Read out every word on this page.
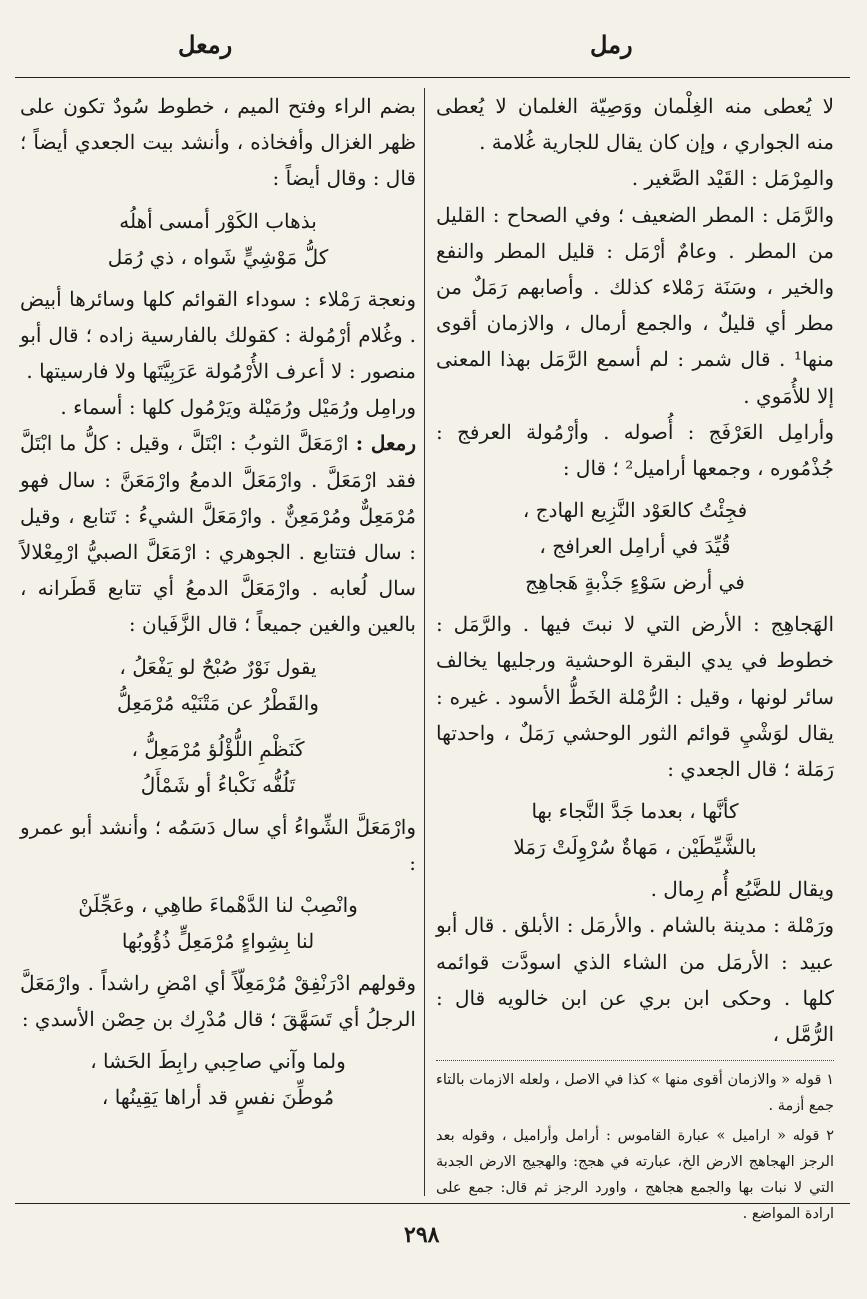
رمل
رمعل

لا يُعطى منه الغِلْمان ووَصِيّة الغلمان لا يُعطى منه الجواري ، وإن كان يقال للجارية غُلامة .

والمِرْمَل : القَيْد الصَّغير .

والرَّمَل : المطر الضعيف ؛ وفي الصحاح : القليل من المطر . وعامٌ أرْمَل : قليل المطر والنفع والخير ، وسَنَة رَمْلاء كذلك . وأصابهم رَمَلٌ من مطر أي قليلٌ ، والجمع أرمال ، والازمان أقوى منها¹ . قال شمر : لم أسمع الرَّمَل بهذا المعنى إلا للأُمَوي .

وأرامِل العَرْفَج : أُصوله . وأرْمُولة العرفج : جُذْمُوره ، وجمعها أراميل² ؛ قال :

فجِئْتُ كالعَوْد النَّزِيع الهادج ،
قُيِّدَ في أرامِل العرافج ،
في أرض سَوْءٍ جَذْبةٍ هَجاهِج

الهَجاهِج : الأرض التي لا نبتَ فيها . والرَّمَل : خطوط في يدي البقرة الوحشية ورجليها يخالف سائر لونها ، وقيل : الرُّمْلة الخَطُّ الأسود . غيره : يقال لوَشْيِ قوائم الثور الوحشي رَمَلٌ ، واحدتها رَمَلة ؛ قال الجعدي :

كأنَّها ، بعدما جَدَّ النَّجاء بها
بالشَّيِّطَيْن ، مَهاةٌ سُرْوِلَتْ رَمَلا

ويقال للضَّبُع أُم رِمال .

ورَمْلة : مدينة بالشام . والأرمَل : الأبلق . قال أبو عبيد : الأرمَل من الشاء الذي اسودَّت قوائمه كلها . وحكى ابن بري عن ابن خالويه قال : الرُّمَّل ،

١ قوله « والازمان أقوى منها » كذا في الاصل ، ولعله الازمات بالتاء جمع أزمة .

٢ قوله « اراميل » عبارة القاموس : أرامل وأراميل ، وقوله بعد الرجز الهجاهج الارض الخ، عبارته في هجج: والهجيج الارض الجدبة التي لا نبات بها والجمع هجاهج ، واورد الرجز ثم قال: جمع على ارادة المواضع .

بضم الراء وفتح الميم ، خطوط سُودٌ تكون على ظهر الغزال وأفخاذه ، وأنشد بيت الجعدي أيضاً ؛ قال : وقال أيضاً :

بذهاب الكَوْر أمسى أهلُه
كلُّ مَوْشِيٍّ شَواه ، ذي رُمَل

ونعجة رَمْلاء : سوداء القوائم كلها وسائرها أبيض . وغُلام أرْمُولة : كقولك بالفارسية زاده ؛ قال أبو منصور : لا أعرف الأُرْمُولة عَرَبِيَّتَها ولا فارسيتها .

ورامِل ورُمَيْل ورُمَيْلة ويَرْمُول كلها : أسماء .

رمعل : ارْمَعَلَّ الثوبُ : ابْتَلَّ ، وقيل : كلُّ ما ابْتَلَّ فقد ارْمَعَلَّ . وارْمَعَلَّ الدمعُ وارْمَعَنَّ : سال فهو مُرْمَعِلٌّ ومُرْمَعِنٌّ . وارْمَعَلَّ الشيءُ : تَتابع ، وقيل : سال فتتابع . الجوهري : ارْمَعَلَّ الصبيُّ ارْمِعْلالاً سال لُعابه . وارْمَعَلَّ الدمعُ أي تتابع قَطَرانه ، بالعين والغين جميعاً ؛ قال الزَّفَيان :

يقول نَوْرٌ صُبْحٌ لو يَفْعَلُ ،
والقَطْرُ عن مَتْنَيْه مُرْمَعِلُّ
كَنَظْمِ اللُّؤْلُؤ مُرْمَعِلُّ ،
تَلُفُّه نَكْباءُ أو شَمْأَلُ

وارْمَعَلَّ الشِّواءُ أي سال دَسَمُه ؛ وأنشد أبو عمرو :

وانْصِبْ لنا الدَّهْماءَ طاهِي ، وعَجِّلَنْ
لنا بِشِواءٍ مُرْمَعِلٍّ ذُؤُوبُها

وقولهم ادْرَنْفِقْ مُرْمَعِلّاً أي امْضِ راشداً . وارْمَعَلَّ الرجلُ أي تَسَهَّقَ ؛ قال مُدْرِك بن حِصْن الأسدي :

ولما وآني صاحِبي رابِطَ الحَشا ،
مُوطِّنَ نفسٍ قد أراها يَقِينُها ،
٢٩٨
